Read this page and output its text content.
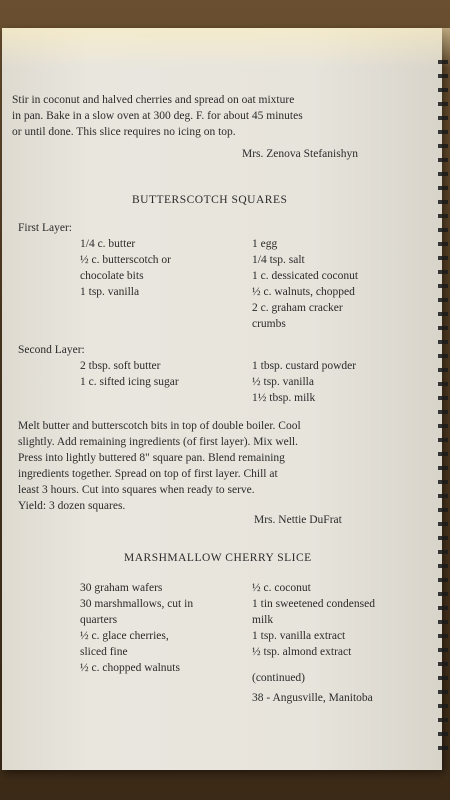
Stir in coconut and halved cherries and spread on oat mixture
in pan. Bake in a slow oven at 300 deg. F. for about 45 minutes
or until done. This slice requires no icing on top.
Mrs. Zenova Stefanishyn
BUTTERSCOTCH SQUARES
First Layer:
1/4 c. butter
½ c. butterscotch or
chocolate bits
1 tsp. vanilla
1 egg
1/4 tsp. salt
1 c. dessicated coconut
½ c. walnuts, chopped
2 c. graham cracker
crumbs
Second Layer:
2 tbsp. soft butter
1 c. sifted icing sugar
1 tbsp. custard powder
½ tsp. vanilla
1½ tbsp. milk
Melt butter and butterscotch bits in top of double boiler. Cool
slightly. Add remaining ingredients (of first layer). Mix well.
Press into lightly buttered 8" square pan. Blend remaining
ingredients together. Spread on top of first layer. Chill at
least 3 hours. Cut into squares when ready to serve.
Yield: 3 dozen squares.
Mrs. Nettie DuFrat
MARSHMALLOW CHERRY SLICE
30 graham wafers
30 marshmallows, cut in
quarters
½ c. glace cherries,
sliced fine
½ c. chopped walnuts
½ c. coconut
1 tin sweetened condensed
milk
1 tsp. vanilla extract
½ tsp. almond extract
(continued)
38 - Angusville, Manitoba
